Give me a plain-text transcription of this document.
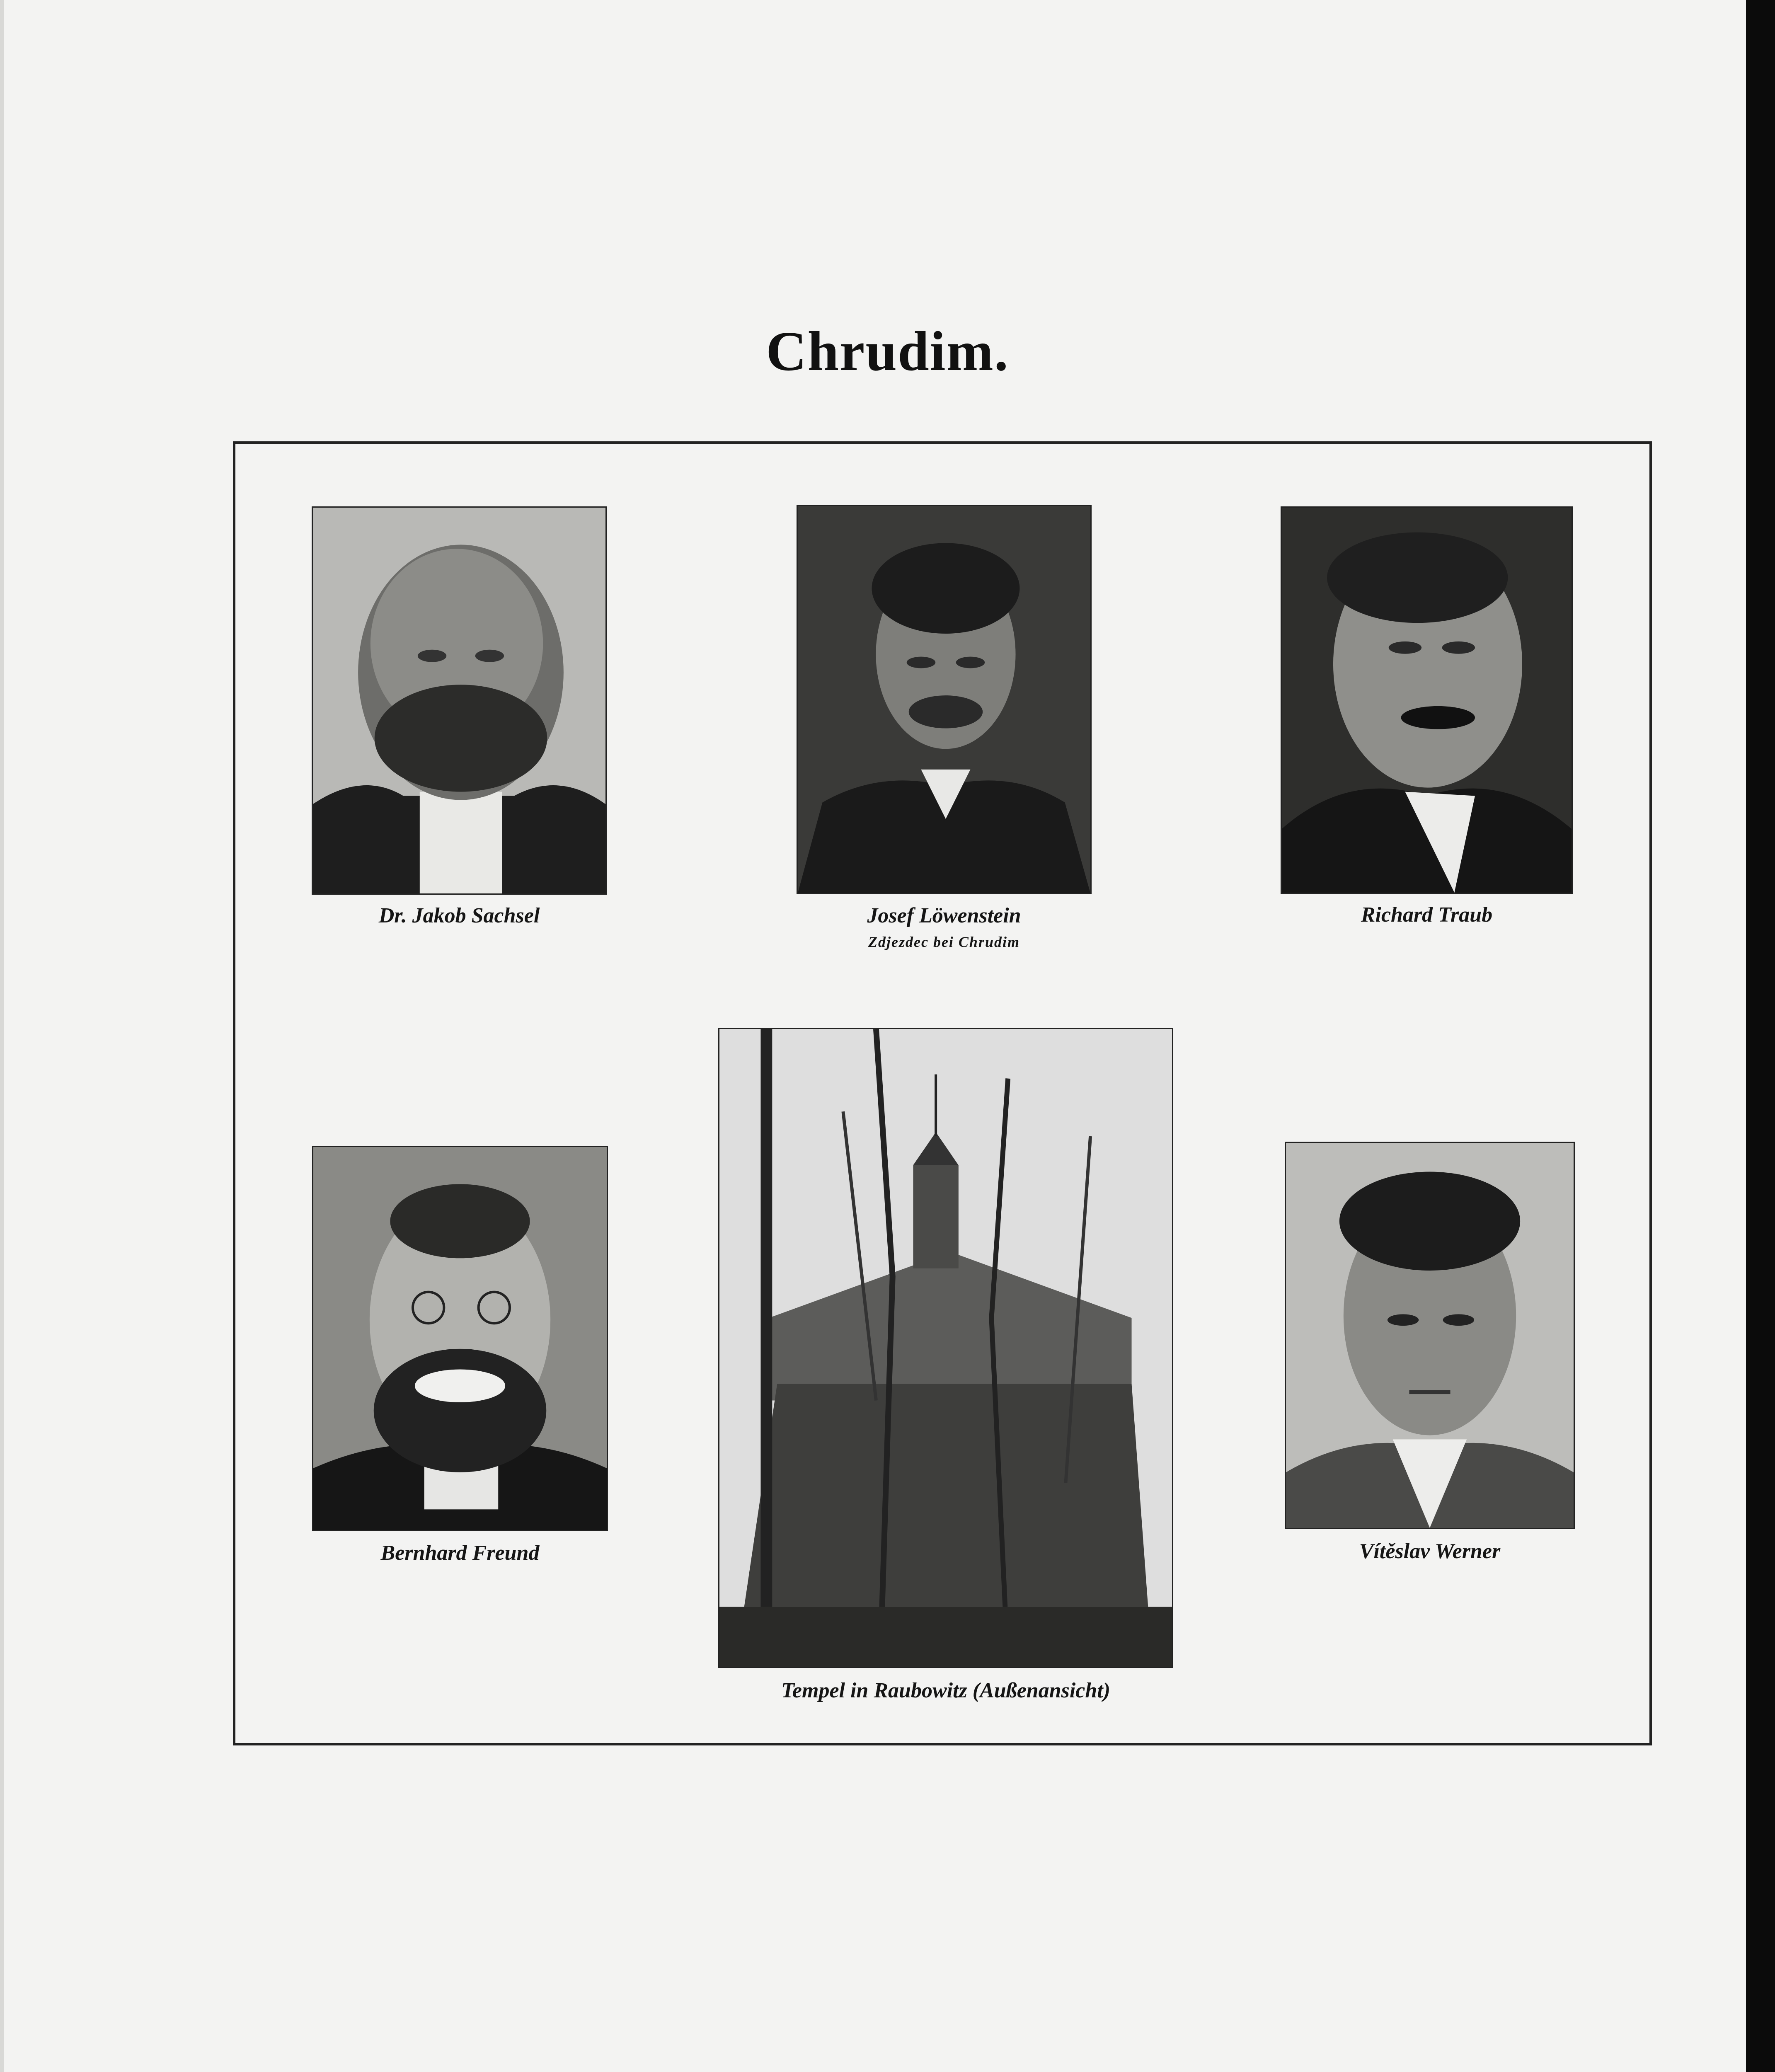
Chrudim.
Dr. Jakob Sachsel	Josef Löwenstein
Zdjezdec bei Chrudim
Richard Traub
Bernhard Freund
Tempel in Raubowitz (Außenansicht)
Vítěslav Werner
